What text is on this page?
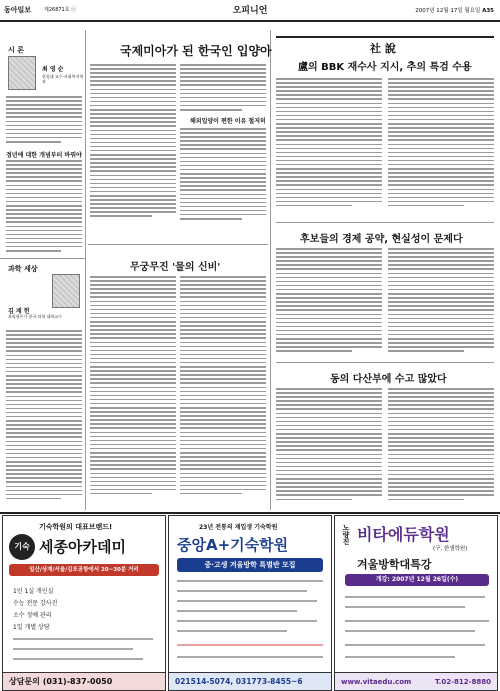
동아일보	제26871호 ⓒ	오피니언	2007년 12월 17일 월요일 A35
시 론
최 영 순
한림대 교수·사회복지학과
정년에 대한 개념부터 바꿔야
과학 세상
김 재 헌
과학평론가 한국 과학 대학교수
국제미아가 된 한국인 입양아
해외입양이 편한 이유 철저히
무궁무진 '물의 신비'
社 說
盧의 BBK 재수사 지시, 추의 특검 수용
후보들의 경제 공약, 현실성이 문제다
동의 다산부에 수고 많았다
기숙학원의 대표브랜드!
기숙 세종아카데미
일산/상계/서울/김포공항에서 20~30분 거리
1인 1실 개인실
수능 전문 강사진
소수 정예 관리
1일 개별 상담
상담문의 (031)-837-0050
23년 전통의 재입생 기숙학원
중앙A+기숙학원
중·고생 겨울방학 특별반 모집
021514-5074, 031773-8455~6
노량진 비타에듀학원
(구, 한샘학원)
겨울방학대특강
개강: 2007년 12월 26일(수)
www.vitaedu.com	T.02-812-8880
